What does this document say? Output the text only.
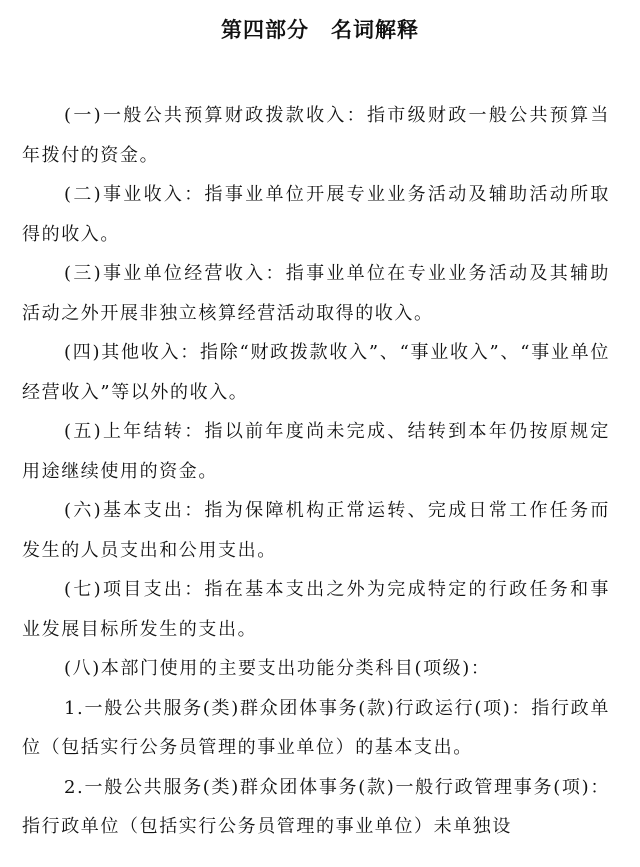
第四部分　名词解释

(一)一般公共预算财政拨款收入：指市级财政一般公共预算当年拨付的资金。

(二)事业收入：指事业单位开展专业业务活动及辅助活动所取得的收入。

(三)事业单位经营收入：指事业单位在专业业务活动及其辅助活动之外开展非独立核算经营活动取得的收入。

(四)其他收入：指除“财政拨款收入”、“事业收入”、“事业单位经营收入”等以外的收入。

(五)上年结转：指以前年度尚未完成、结转到本年仍按原规定用途继续使用的资金。

(六)基本支出：指为保障机构正常运转、完成日常工作任务而发生的人员支出和公用支出。

(七)项目支出：指在基本支出之外为完成特定的行政任务和事业发展目标所发生的支出。

(八)本部门使用的主要支出功能分类科目(项级)：

1.一般公共服务(类)群众团体事务(款)行政运行(项)：指行政单位（包括实行公务员管理的事业单位）的基本支出。

2.一般公共服务(类)群众团体事务(款)一般行政管理事务(项)：指行政单位（包括实行公务员管理的事业单位）未单独设
